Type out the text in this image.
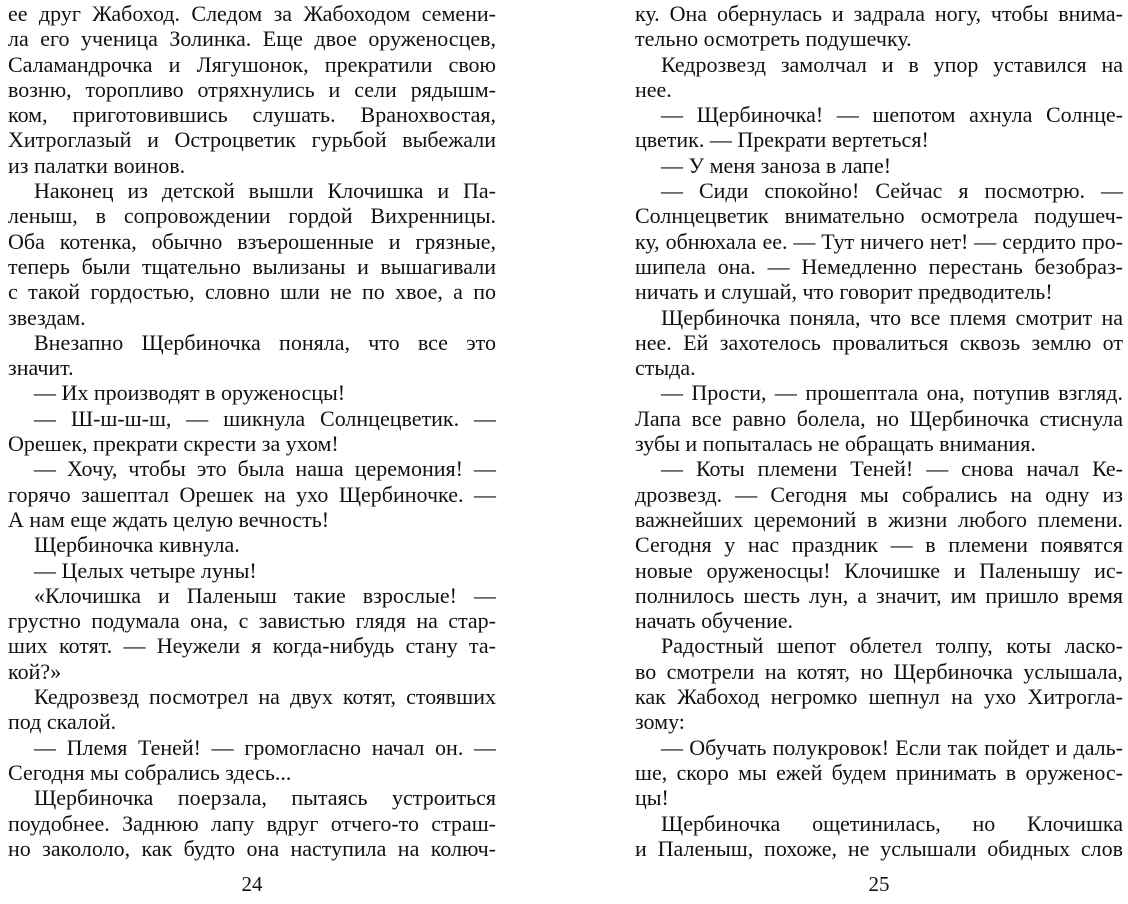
ее друг Жабоход. Следом за Жабоходом семени-
ла его ученица Золинка. Еще двое оруженосцев,
Саламандрочка и Лягушонок, прекратили свою
возню, торопливо отряхнулись и сели рядышм-
ком, приготовившись слушать. Вранохвостая,
Хитроглазый и Остроцветик гурьбой выбежали
из палатки воинов.
Наконец из детской вышли Клочишка и Па-
леныш, в сопровождении гордой Вихренницы.
Оба котенка, обычно взъерошенные и грязные,
теперь были тщательно вылизаны и вышагивали
с такой гордостью, словно шли не по хвое, а по
звездам.
Внезапно Щербиночка поняла, что все это
значит.
— Их производят в оруженосцы!
— Ш-ш-ш-ш, — шикнула Солнцецветик. —
Орешек, прекрати скрести за ухом!
— Хочу, чтобы это была наша церемония! —
горячо зашептал Орешек на ухо Щербиночке. —
А нам еще ждать целую вечность!
Щербиночка кивнула.
— Целых четыре луны!
«Клочишка и Паленыш такие взрослые! —
грустно подумала она, с завистью глядя на стар-
ших котят. — Неужели я когда-нибудь стану та-
кой?»
Кедрозвезд посмотрел на двух котят, стоявших
под скалой.
— Племя Теней! — громогласно начал он. —
Сегодня мы собрались здесь...
Щербиночка поерзала, пытаясь устроиться
поудобнее. Заднюю лапу вдруг отчего-то страш-
но закололо, как будто она наступила на колюч-
24
ку. Она обернулась и задрала ногу, чтобы внима-
тельно осмотреть подушечку.
Кедрозвезд замолчал и в упор уставился на
нее.
— Щербиночка! — шепотом ахнула Солнце-
цветик. — Прекрати вертеться!
— У меня заноза в лапе!
— Сиди спокойно! Сейчас я посмотрю. —
Солнцецветик внимательно осмотрела подушеч-
ку, обнюхала ее. — Тут ничего нет! — сердито про-
шипела она. — Немедленно перестань безобраз-
ничать и слушай, что говорит предводитель!
Щербиночка поняла, что все племя смотрит на
нее. Ей захотелось провалиться сквозь землю от
стыда.
— Прости, — прошептала она, потупив взгляд.
Лапа все равно болела, но Щербиночка стиснула
зубы и попыталась не обращать внимания.
— Коты племени Теней! — снова начал Ке-
дрозвезд. — Сегодня мы собрались на одну из
важнейших церемоний в жизни любого племени.
Сегодня у нас праздник — в племени появятся
новые оруженосцы! Клочишке и Паленышу ис-
полнилось шесть лун, а значит, им пришло время
начать обучение.
Радостный шепот облетел толпу, коты ласко-
во смотрели на котят, но Щербиночка услышала,
как Жабоход негромко шепнул на ухо Хитрогла-
зому:
— Обучать полукровок! Если так пойдет и даль-
ше, скоро мы ежей будем принимать в оруженос-
цы!
Щербиночка ощетинилась, но Клочишка
и Паленыш, похоже, не услышали обидных слов
25
